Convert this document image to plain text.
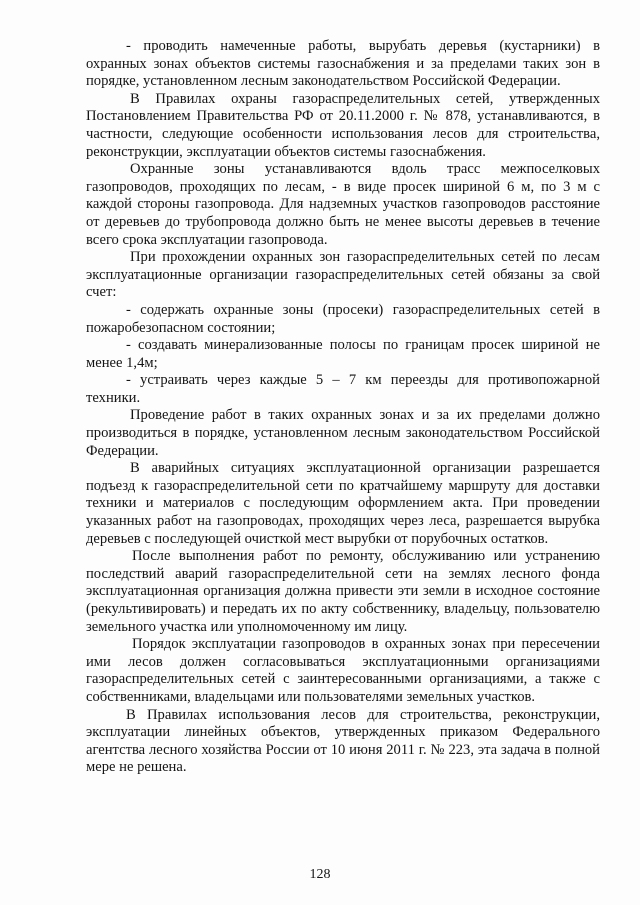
- проводить намеченные работы, вырубать деревья (кустарники) в охранных зонах объектов системы газоснабжения и за пределами таких зон в порядке, установленном лесным законодательством Российской Федерации.

В Правилах охраны газораспределительных сетей, утвержденных Постановлением Правительства РФ от 20.11.2000 г. № 878, устанавливаются, в частности, следующие особенности использования лесов для строительства, реконструкции, эксплуатации объектов системы газоснабжения.

Охранные зоны устанавливаются вдоль трасс межпоселковых газопроводов, проходящих по лесам, - в виде просек шириной 6 м, по 3 м с каждой стороны газопровода. Для надземных участков газопроводов расстояние от деревьев до трубопровода должно быть не менее высоты деревьев в течение всего срока эксплуатации газопровода.

При прохождении охранных зон газораспределительных сетей по лесам эксплуатационные организации газораспределительных сетей обязаны за свой счет:

- содержать охранные зоны (просеки) газораспределительных сетей в пожаробезопасном состоянии;

- создавать минерализованные полосы по границам просек шириной не менее 1,4м;

- устраивать через каждые 5 – 7 км переезды для противопожарной техники.

Проведение работ в таких охранных зонах и за их пределами должно производиться в порядке, установленном лесным законодательством Российской Федерации.

В аварийных ситуациях эксплуатационной организации разрешается подъезд к газораспределительной сети по кратчайшему маршруту для доставки техники и материалов с последующим оформлением акта. При проведении указанных работ на газопроводах, проходящих через леса, разрешается вырубка деревьев с последующей очисткой мест вырубки от порубочных остатков.

После выполнения работ по ремонту, обслуживанию или устранению последствий аварий газораспределительной сети на землях лесного фонда эксплуатационная организация должна привести эти земли в исходное состояние (рекультивировать) и передать их по акту собственнику, владельцу, пользователю земельного участка или уполномоченному им лицу.

Порядок эксплуатации газопроводов в охранных зонах при пересечении ими лесов должен согласовываться эксплуатационными организациями газораспределительных сетей с заинтересованными организациями, а также с собственниками, владельцами или пользователями земельных участков.

В Правилах использования лесов для строительства, реконструкции, эксплуатации линейных объектов, утвержденных приказом Федерального агентства лесного хозяйства России от 10 июня 2011 г. № 223, эта задача в полной мере не решена.

128
